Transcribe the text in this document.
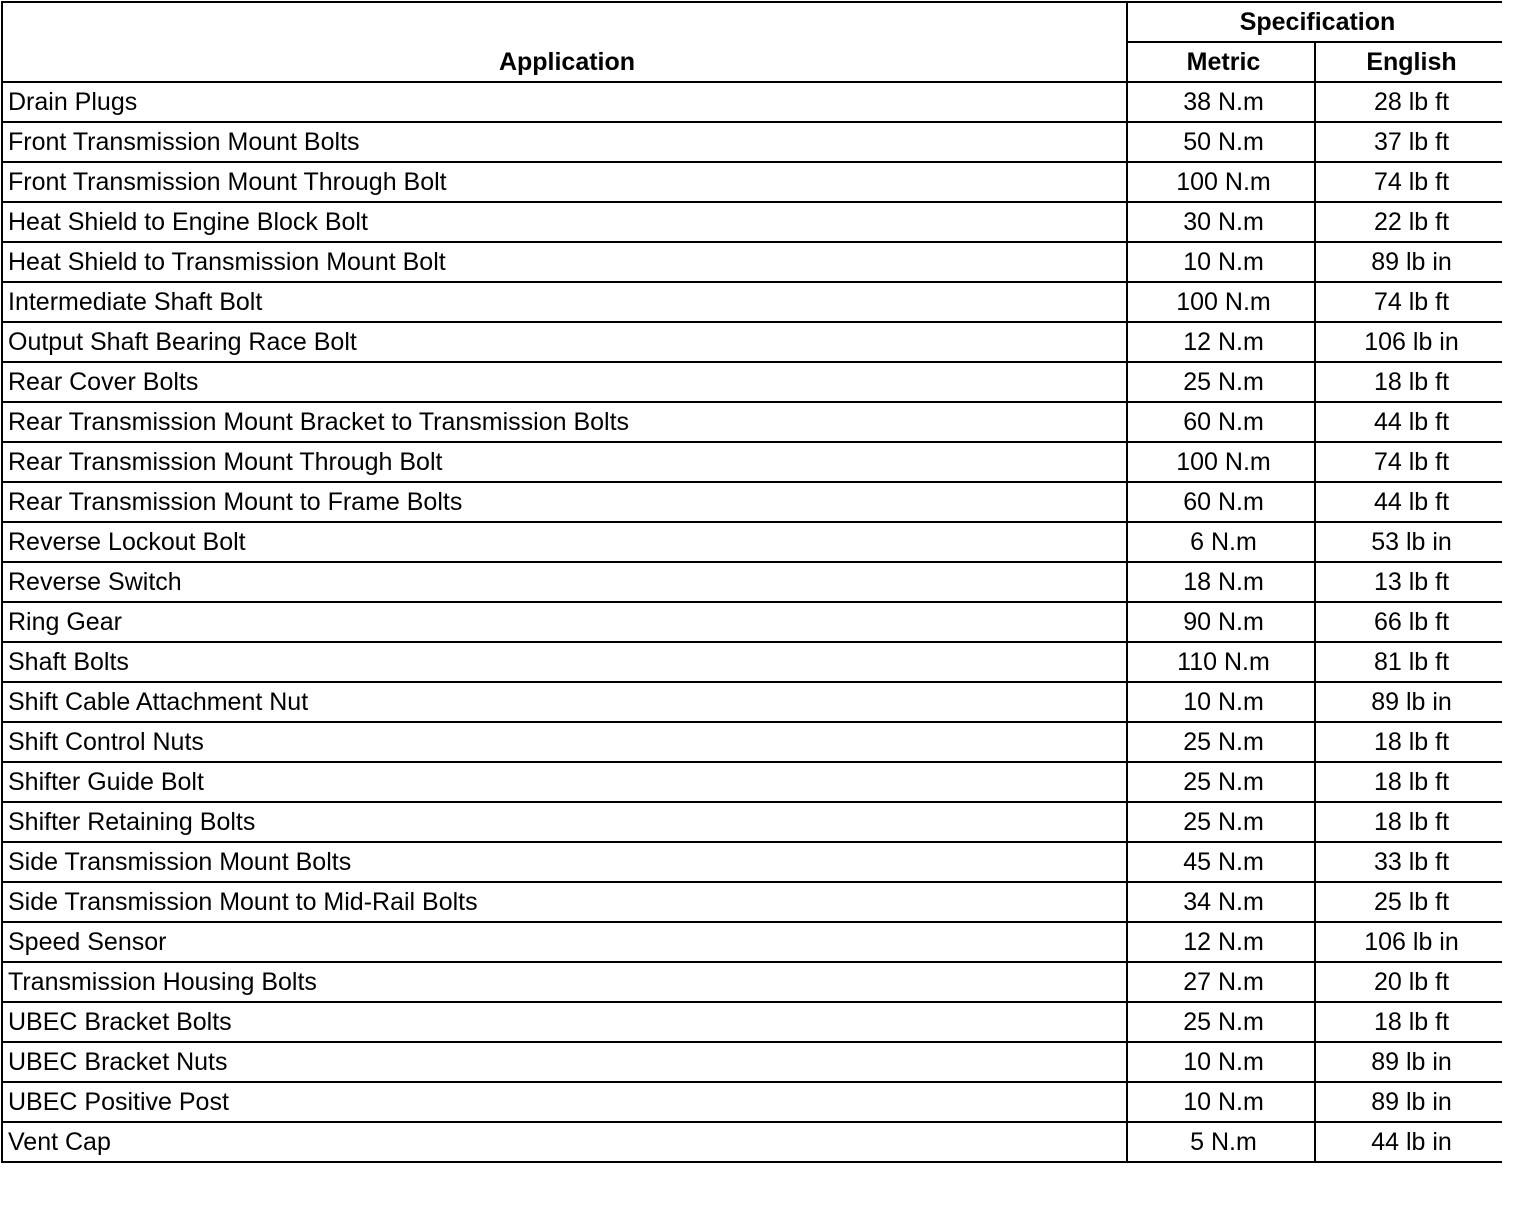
Application	Specification	
	Metric	English
Drain Plugs	38 N.m	28 lb ft
Front Transmission Mount Bolts	50 N.m	37 lb ft
Front Transmission Mount Through Bolt	100 N.m	74 lb ft
Heat Shield to Engine Block Bolt	30 N.m	22 lb ft
Heat Shield to Transmission Mount Bolt	10 N.m	89 lb in
Intermediate Shaft Bolt	100 N.m	74 lb ft
Output Shaft Bearing Race Bolt	12 N.m	106 lb in
Rear Cover Bolts	25 N.m	18 lb ft
Rear Transmission Mount Bracket to Transmission Bolts	60 N.m	44 lb ft
Rear Transmission Mount Through Bolt	100 N.m	74 lb ft
Rear Transmission Mount to Frame Bolts	60 N.m	44 lb ft
Reverse Lockout Bolt	6 N.m	53 lb in
Reverse Switch	18 N.m	13 lb ft
Ring Gear	90 N.m	66 lb ft
Shaft Bolts	110 N.m	81 lb ft
Shift Cable Attachment Nut	10 N.m	89 lb in
Shift Control Nuts	25 N.m	18 lb ft
Shifter Guide Bolt	25 N.m	18 lb ft
Shifter Retaining Bolts	25 N.m	18 lb ft
Side Transmission Mount Bolts	45 N.m	33 lb ft
Side Transmission Mount to Mid-Rail Bolts	34 N.m	25 lb ft
Speed Sensor	12 N.m	106 lb in
Transmission Housing Bolts	27 N.m	20 lb ft
UBEC Bracket Bolts	25 N.m	18 lb ft
UBEC Bracket Nuts	10 N.m	89 lb in
UBEC Positive Post	10 N.m	89 lb in
Vent Cap	5 N.m	44 lb in
